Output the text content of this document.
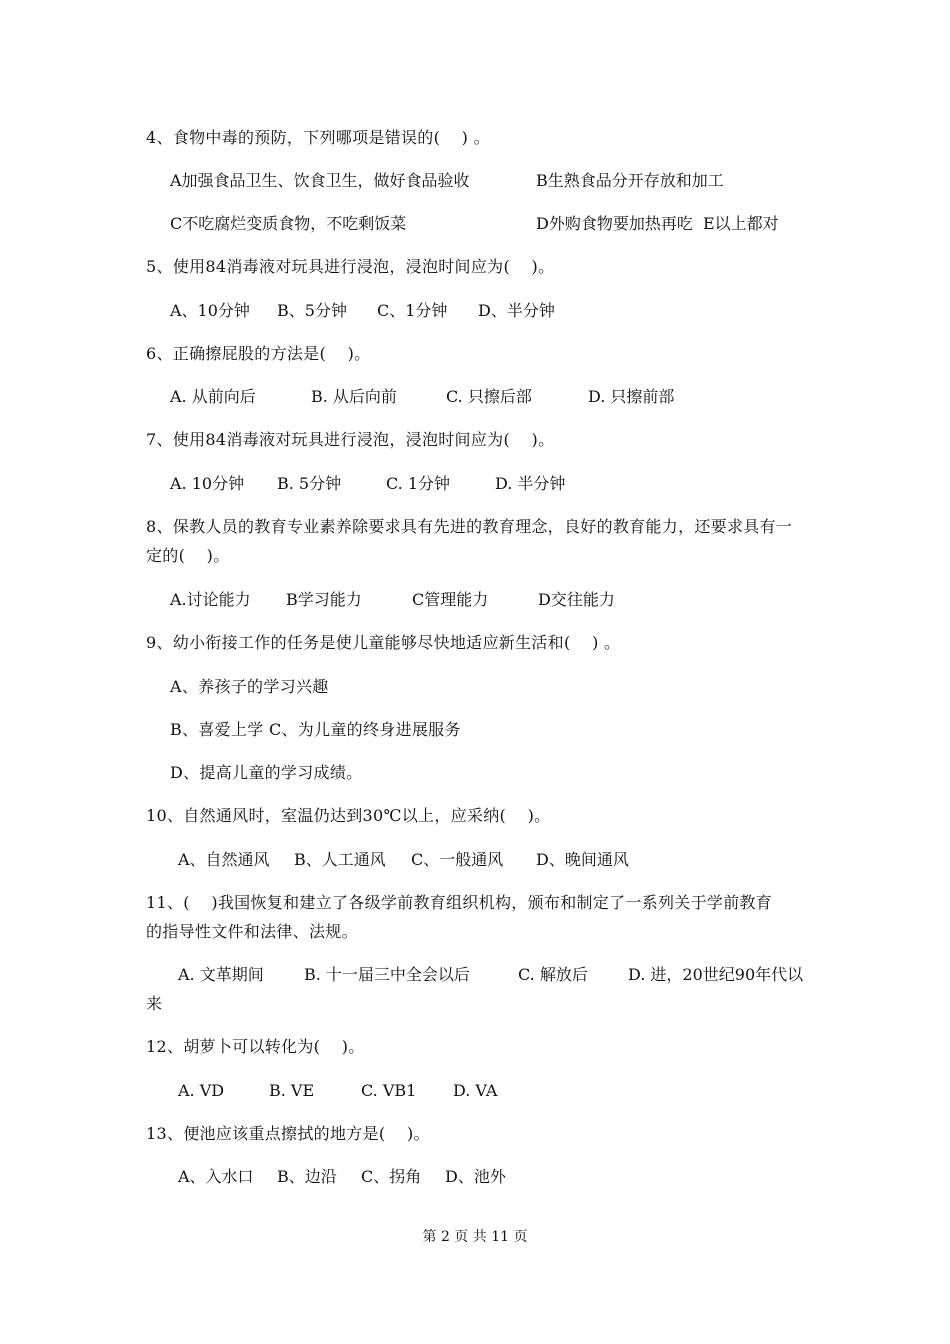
4、食物中毒的预防，下列哪项是错误的(    ) 。

A加强食品卫生、饮食卫生，做好食品验收

	B生熟食品分开存放和加工

C不吃腐烂变质食物，不吃剩饭菜

	D外购食物要加热再吃  E以上都对

5、使用84消毒液对玩具进行浸泡，浸泡时间应为(    )。

A、10分钟

B、5分钟

C、1分钟

D、半分钟

6、正确擦屁股的方法是(    )。

A. 从前向后

	B. 从后向前

	C. 只擦后部

	D. 只擦前部

7、使用84消毒液对玩具进行浸泡，浸泡时间应为(    )。

A. 10分钟

B. 5分钟

	C. 1分钟

	D. 半分钟

8、保教人员的教育专业素养除要求具有先进的教育理念，良好的教育能力，还要求具有一
定的(    )。

A.讨论能力

B学习能力

	C管理能力

	D交往能力

9、幼小衔接工作的任务是使儿童能够尽快地适应新生活和(    ) 。
A、养孩子的学习兴趣
B、喜爱上学 C、为儿童的终身进展服务
D、提高儿童的学习成绩。
10、自然通风时，室温仍达到30℃以上，应采纳(    )。

A、自然通风

B、人工通风

C、一般通风

D、晚间通风

11、(    )我国恢复和建立了各级学前教育组织机构，颁布和制定了一系列关于学前教育
的指导性文件和法律、法规。

A. 文革期间

	B. 十一届三中全会以后

	C. 解放后

	D. 进，20世纪90年代以

来
12、胡萝卜可以转化为(    )。

A. VD

	B. VE

	C. VB1

D. VA

13、便池应该重点擦拭的地方是(    )。

A、入水口

B、边沿

C、拐角

D、池外

第 2 页 共 11 页
